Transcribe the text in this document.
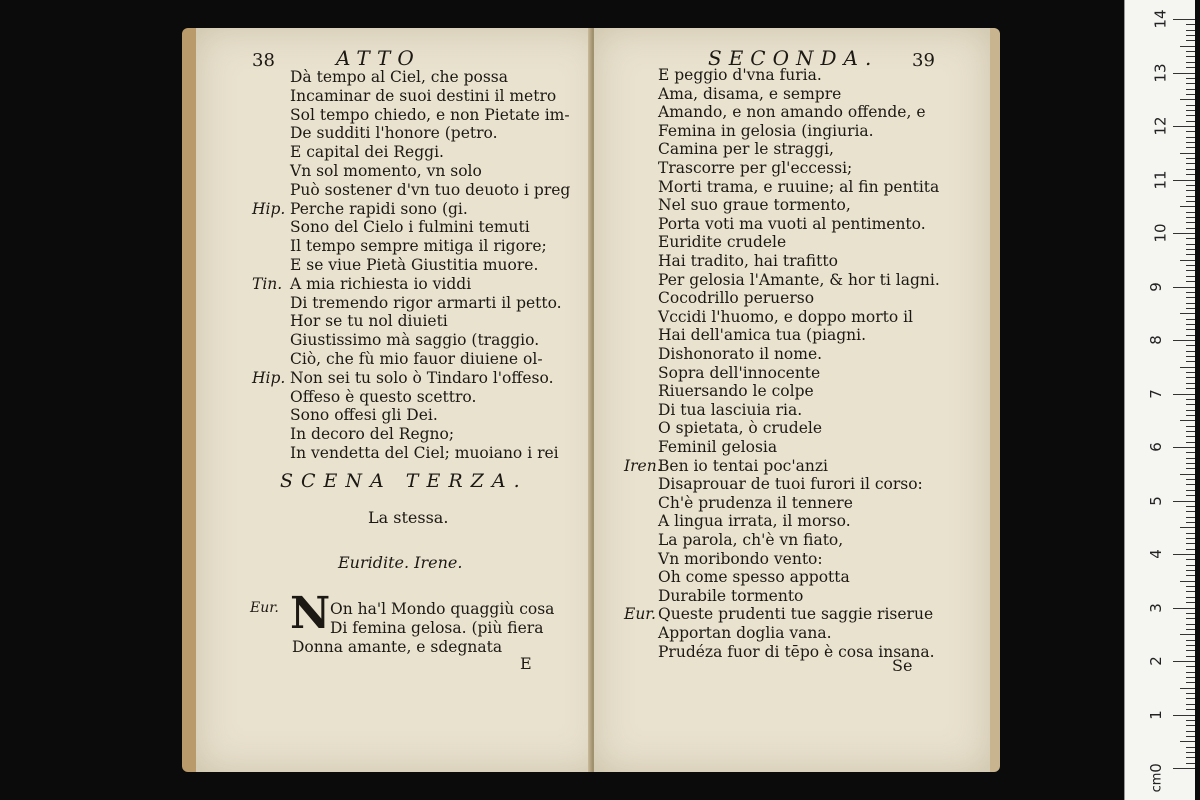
38	ATTO
Dà tempo al Ciel, che possa
Incaminar de suoi destini il metro
Sol tempo chiedo, e non Pietate im-
De sudditi l'honore (petro.
E capital dei Reggi.
Vn sol momento, vn solo
Può sostener d'vn tuo deuoto i preg
Hip. Perche rapidi sono (gi.
Sono del Cielo i fulmini temuti
Il tempo sempre mitiga il rigore;
E se viue Pietà Giustitia muore.
Tin. A mia richiesta io viddi
Di tremendo rigor armarti il petto.
Hor se tu nol diuieti
Giustissimo mà saggio (traggio.
Ciò, che fù mio fauor diuiene ol-
Hip. Non sei tu solo ò Tindaro l'offeso.
Offeso è questo scettro.
Sono offesi gli Dei.
In decoro del Regno;
In vendetta del Ciel; muoiano i rei
SCENA TERZA.
La stessa.
Euridite. Irene.
Eur. N On ha'l Mondo quaggiù cosa
Di femina gelosa. (più fiera
Donna amante, e sdegnata
E
SECONDA. 39
E peggio d'vna furia.
Ama, disama, e sempre
Amando, e non amando offende, e
Femina in gelosia (ingiuria.
Camina per le straggi,
Trascorre per gl'eccessi;
Morti trama, e ruuine; al fin pentita
Nel suo graue tormento,
Porta voti ma vuoti al pentimento.
Euridite crudele
Hai tradito, hai trafitto
Per gelosia l'Amante, & hor ti lagni.
Cocodrillo peruerso
Vccidi l'huomo, e doppo morto il
Hai dell'amica tua (piagni.
Dishonorato il nome.
Sopra dell'innocente
Riuersando le colpe
Di tua lasciuia ria.
O spietata, ò crudele
Feminil gelosia
Iren.
Ben io tentai poc'anzi
Disaprouar de tuoi furori il corso:
Ch'è prudenza il tennere
A lingua irrata, il morso.
La parola, ch'è vn fiato,
Vn moribondo vento:
Oh come spesso appotta
Durabile tormento
Eur. Queste prudenti tue saggie riserue
Apportan doglia vana.
Prudéza fuor di tēpo è cosa insana.
Se
0
1
2
3
4
5
6
7
8
9
10
11
12
13
14
cm
